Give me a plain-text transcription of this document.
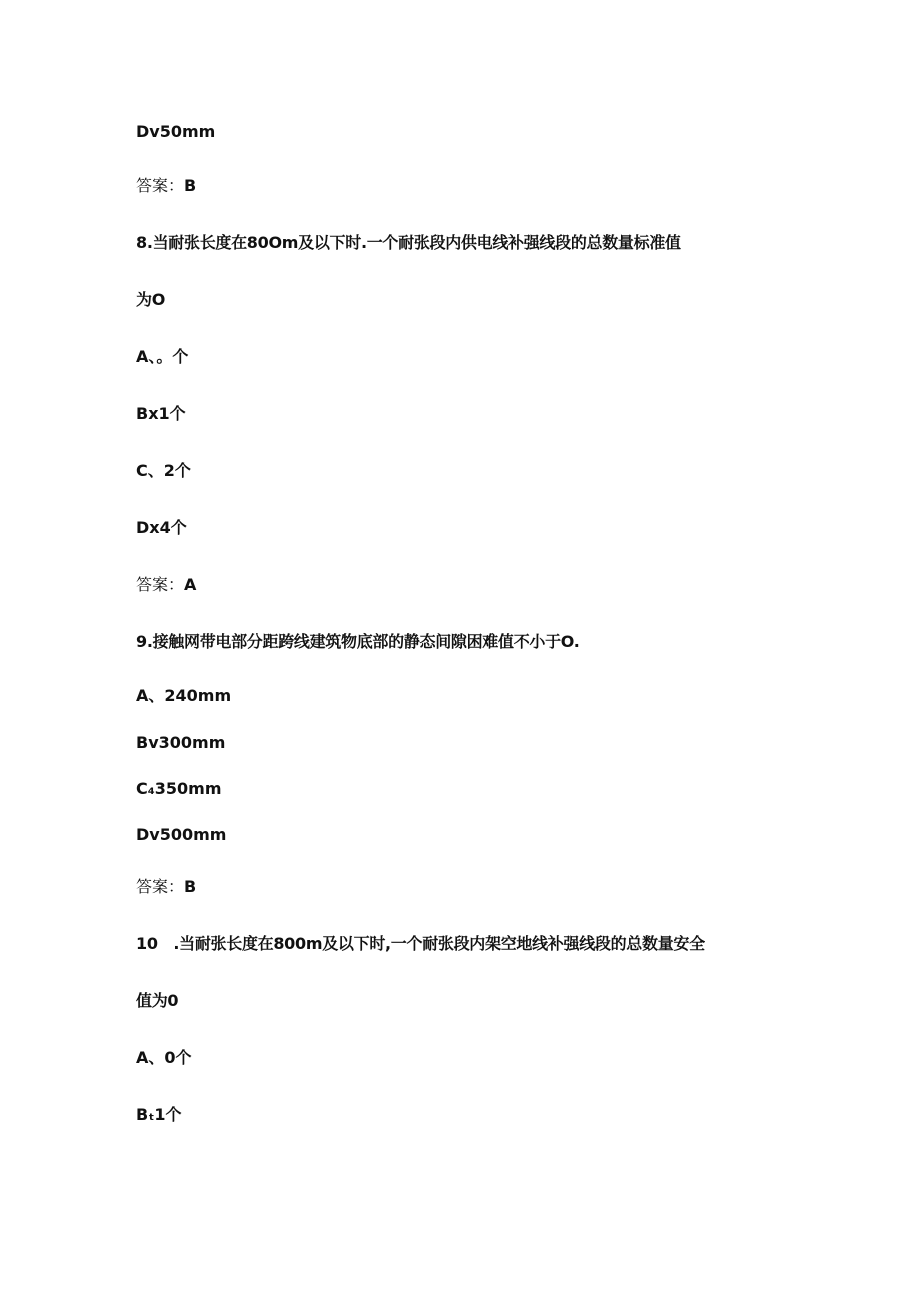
Dv50mm
答案：B
8.当耐张长度在80Om及以下时.一个耐张段内供电线补强线段的总数量标准值
为O
A、。个
Bx1个
C、2个
Dx4个
答案：A
9.接触网带电部分距跨线建筑物底部的静态间隙困难值不小于O.
A、240mm
Bv300mm
C₄350mm
Dv500mm
答案：B
10　.当耐张长度在800m及以下时,一个耐张段内架空地线补强线段的总数量安全
值为0
A、0个
Bₜ1个
